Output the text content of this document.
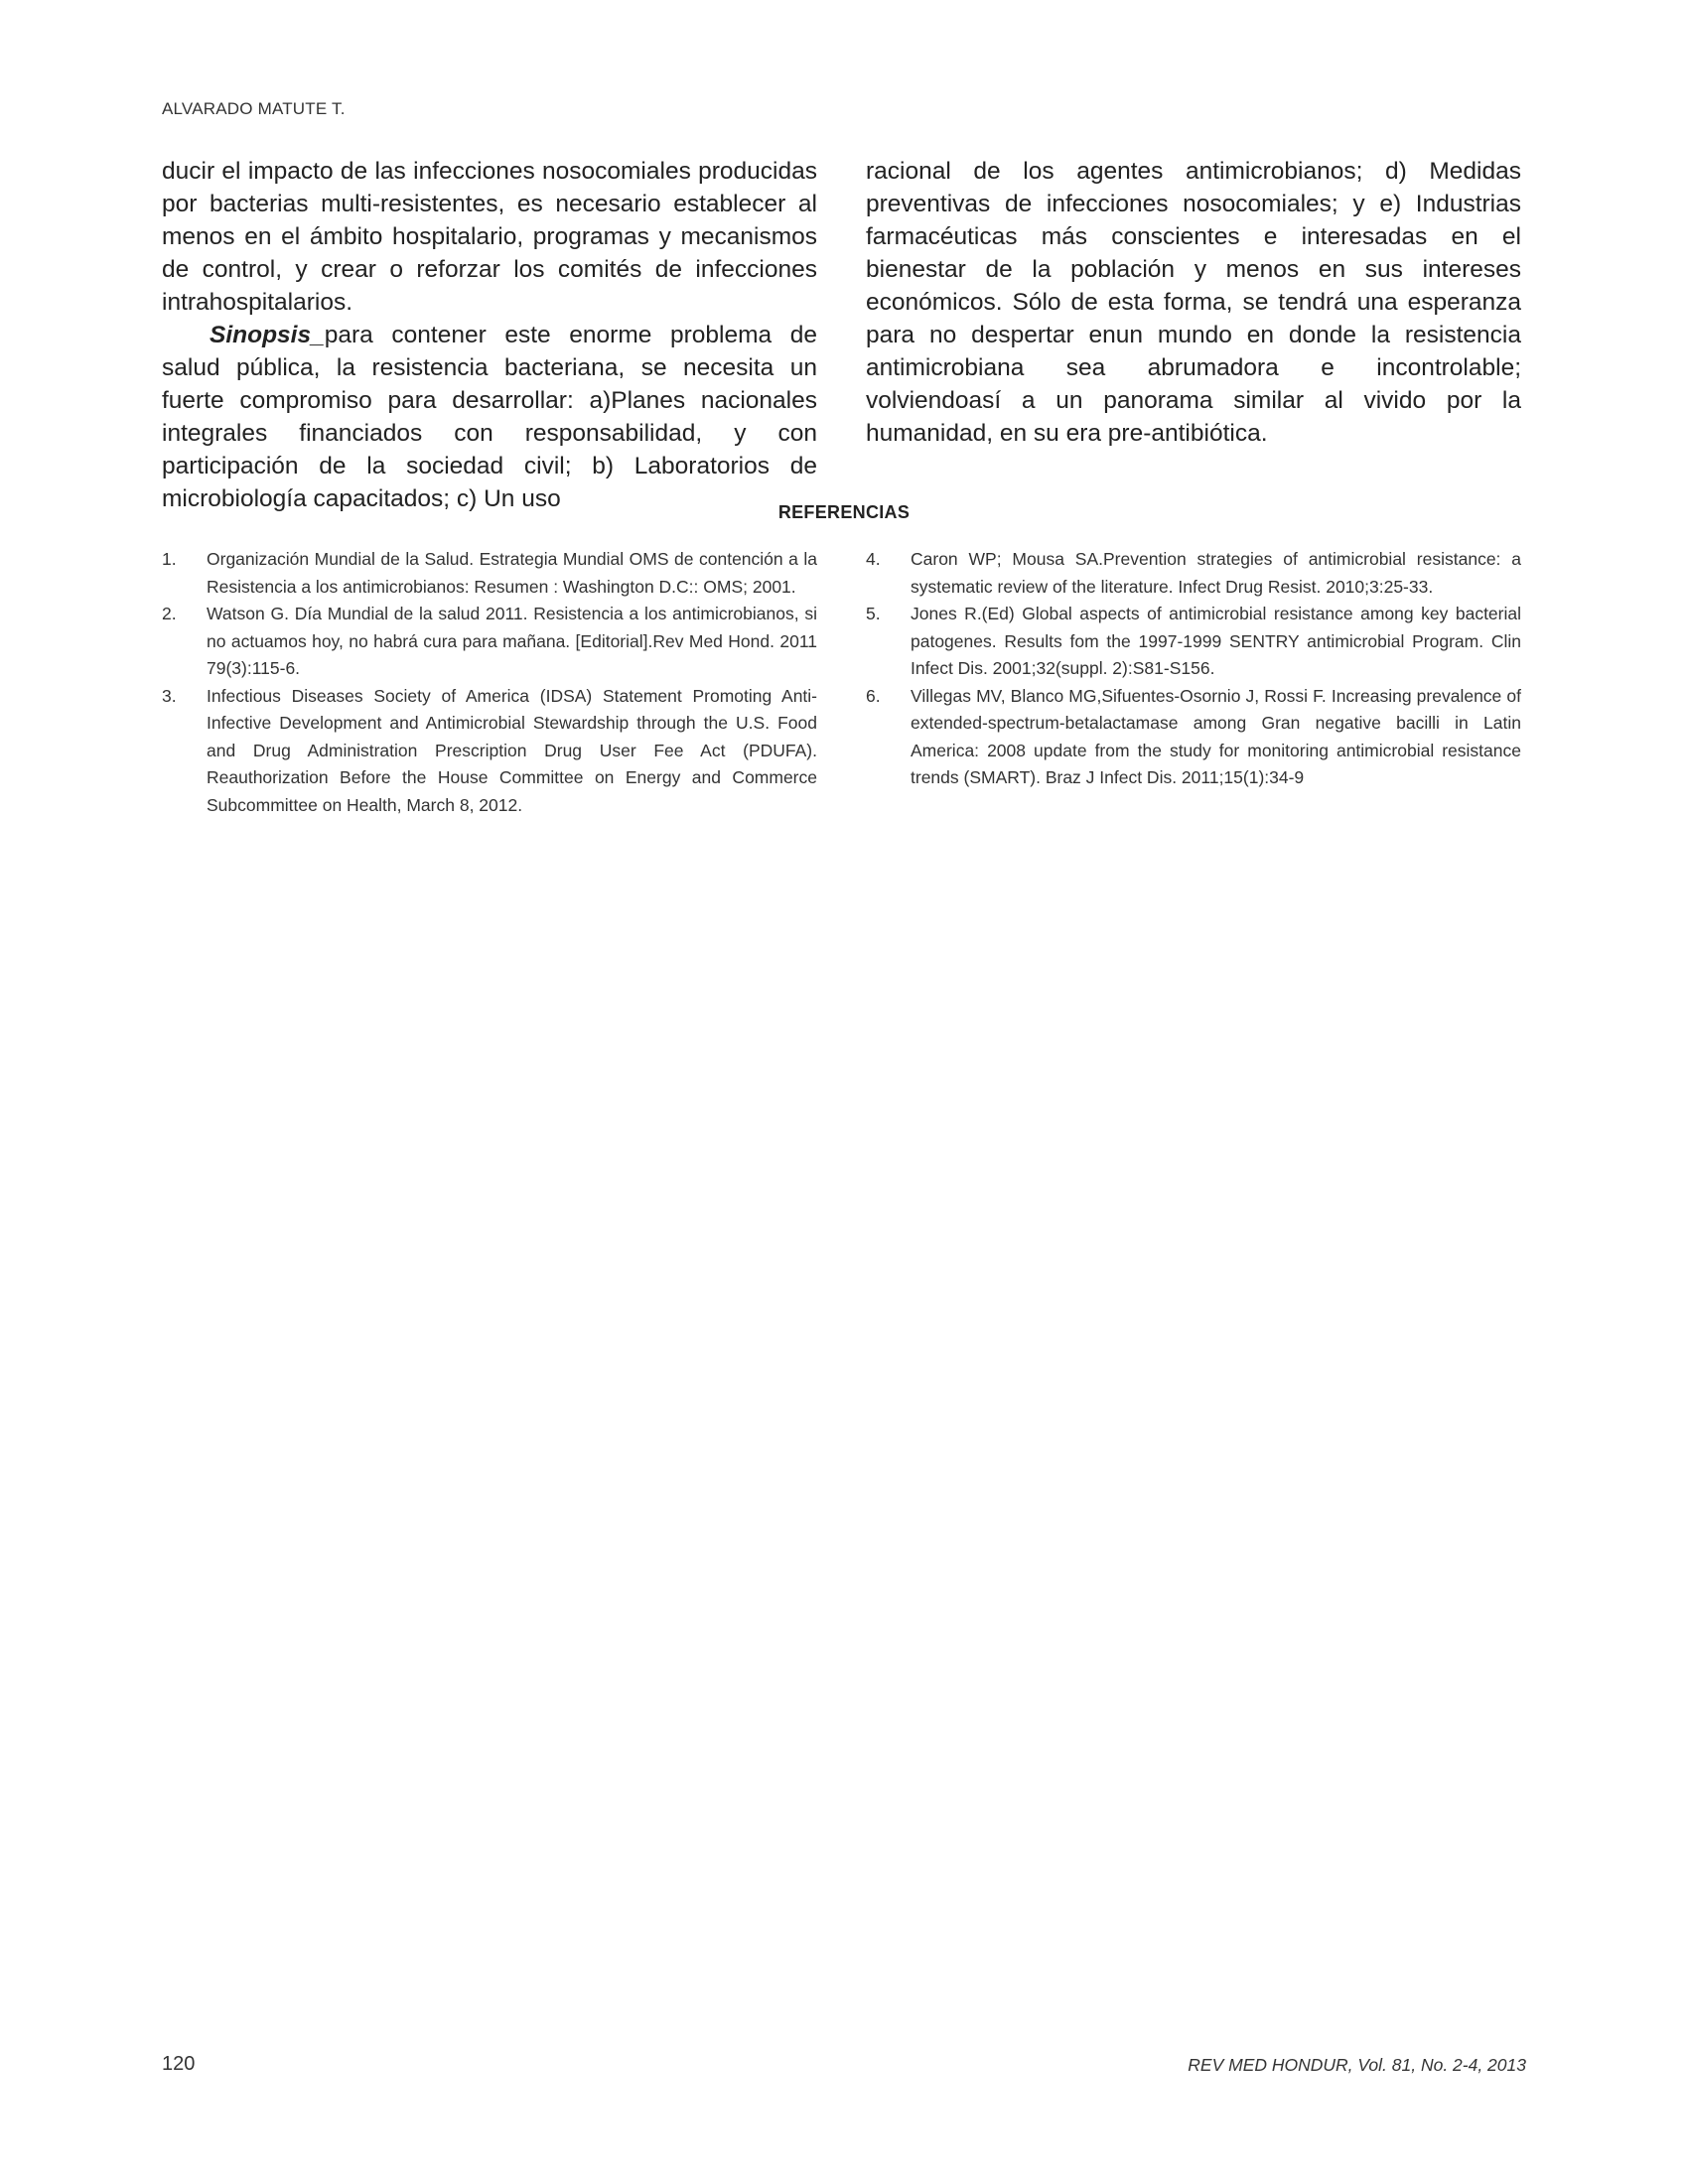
ALVARADO MATUTE T.

ducir el impacto de las infecciones nosocomiales producidas por bacterias multi-resistentes, es necesario establecer al menos en el ámbito hospitalario, programas y mecanismos de control, y crear o reforzar los comités de infecciones intrahospitalarios.

Sinopsis_para contener este enorme problema de salud pública, la resistencia bacteriana, se necesita un fuerte compromiso para desarrollar: a)Planes nacionales integrales financiados con responsabilidad, y con participación de la sociedad civil; b) Laboratorios de microbiología capacitados; c) Un uso

racional de los agentes antimicrobianos; d) Medidas preventivas de infecciones nosocomiales; y e) Industrias farmacéuticas más conscientes e interesadas en el bienestar de la población y menos en sus intereses económicos. Sólo de esta forma, se tendrá una esperanza para no despertar enun mundo en donde la resistencia antimicrobiana sea abrumadora e incontrolable; volviendoasí a un panorama similar al vivido por la humanidad, en su era pre-antibiótica.

REFERENCIAS
1.	Organización Mundial de la Salud. Estrategia Mundial OMS de contención a la Resistencia a los antimicrobianos: Resumen : Washington D.C:: OMS; 2001.
2.	Watson G. Día Mundial de la salud 2011. Resistencia a los antimicrobianos, si no actuamos hoy, no habrá cura para mañana. [Editorial].Rev Med Hond. 2011 79(3):115-6.
3.	Infectious Diseases Society of America (IDSA) Statement Promoting Anti-Infective Development and Antimicrobial Stewardship through the U.S. Food and Drug Administration Prescription Drug User Fee Act (PDUFA). Reauthorization Before the House Committee on Energy and Commerce Subcommittee on Health, March 8, 2012.
4.	Caron WP; Mousa SA.Prevention strategies of antimicrobial resistance: a systematic review of the literature. Infect Drug Resist. 2010;3:25-33.
5.	Jones R.(Ed) Global aspects of antimicrobial resistance among key bacterial patogenes. Results fom the 1997-1999 SENTRY antimicrobial Program. Clin Infect Dis. 2001;32(suppl. 2):S81-S156.
6.	Villegas MV, Blanco MG,Sifuentes-Osornio J, Rossi F. Increasing prevalence of extended-spectrum-betalactamase among Gran negative bacilli in Latin America: 2008 update from the study for monitoring antimicrobial resistance trends (SMART). Braz J Infect Dis. 2011;15(1):34-9
120	REV MED HONDUR, Vol. 81, No. 2-4, 2013
